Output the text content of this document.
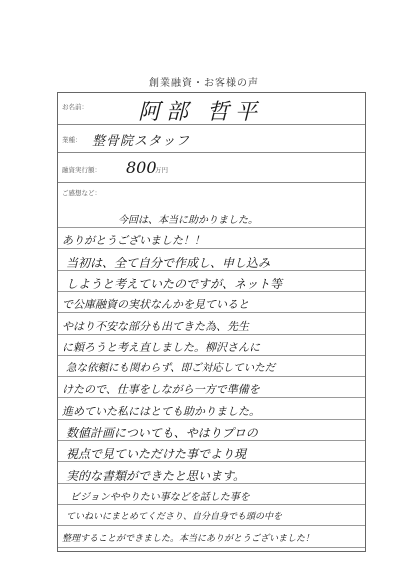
創業融資・お客様の声
お名前： 阿部 哲平
業種： 整骨院スタッフ
融資実行額： 800
万円
ご感想など：
今回は、本当に助かりました。
ありがとうございました！！
当初は、全て自分で作成し、申し込み
しようと考えていたのですが、ネット等
で公庫融資の実状なんかを見ていると
やはり不安な部分も出てきた為、先生
に頼ろうと考え直しました。柳沢さんに
急な依頼にも関わらず、即ご対応していただ
けたので、仕事をしながら一方で準備を
進めていた私にはとても助かりました。
数値計画についても、やはりプロの
視点で見ていただけた事でより現
実的な書類ができたと思います。
ビジョンややりたい事などを話した事を
ていねいにまとめてくださり、自分自身でも頭の中を
整理することができました。本当にありがとうございました！
